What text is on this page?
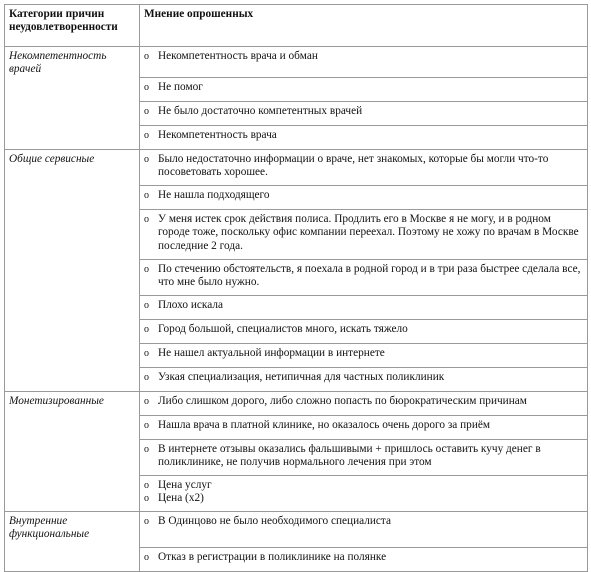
Категории причин неудовлетворенности	Мнение опрошенных
Некомпетентность врачей	o Некомпетентность врача и обман

	o Не помог

	o Не было достаточно компетентных врачей

	o Некомпетентность врача

Общие сервисные	o Было недостаточно информации о враче, нет знакомых, которые бы могли что-то посоветовать хорошее.

	o Не нашла подходящего

	o У меня истек срок действия полиса. Продлить его в Москве я не могу, и в родном городе тоже, поскольку офис компании переехал. Поэтому не хожу по врачам в Москве последние 2 года.

	o По стечению обстоятельств, я поехала в родной город и в три раза быстрее сделала все, что мне было нужно.

	o Плохо искала

	o Город большой, специалистов много, искать тяжело

	o Не нашел актуальной информации в интернете

	o Узкая специализация, нетипичная для частных поликлиник

Монетизированные	o Либо слишком дорого, либо сложно попасть по бюрократическим причинам

	o Нашла врача в платной клинике, но оказалось очень дорого за приём

	o В интернете отзывы оказались фальшивыми + пришлось оставить кучу денег в поликлинике, не получив нормального лечения при этом

	o Цена услуг
o Цена (x2)

Внутренние функциональные	o В Одинцово не было необходимого специалиста

	o Отказ в регистрации в поликлинике на полянке
